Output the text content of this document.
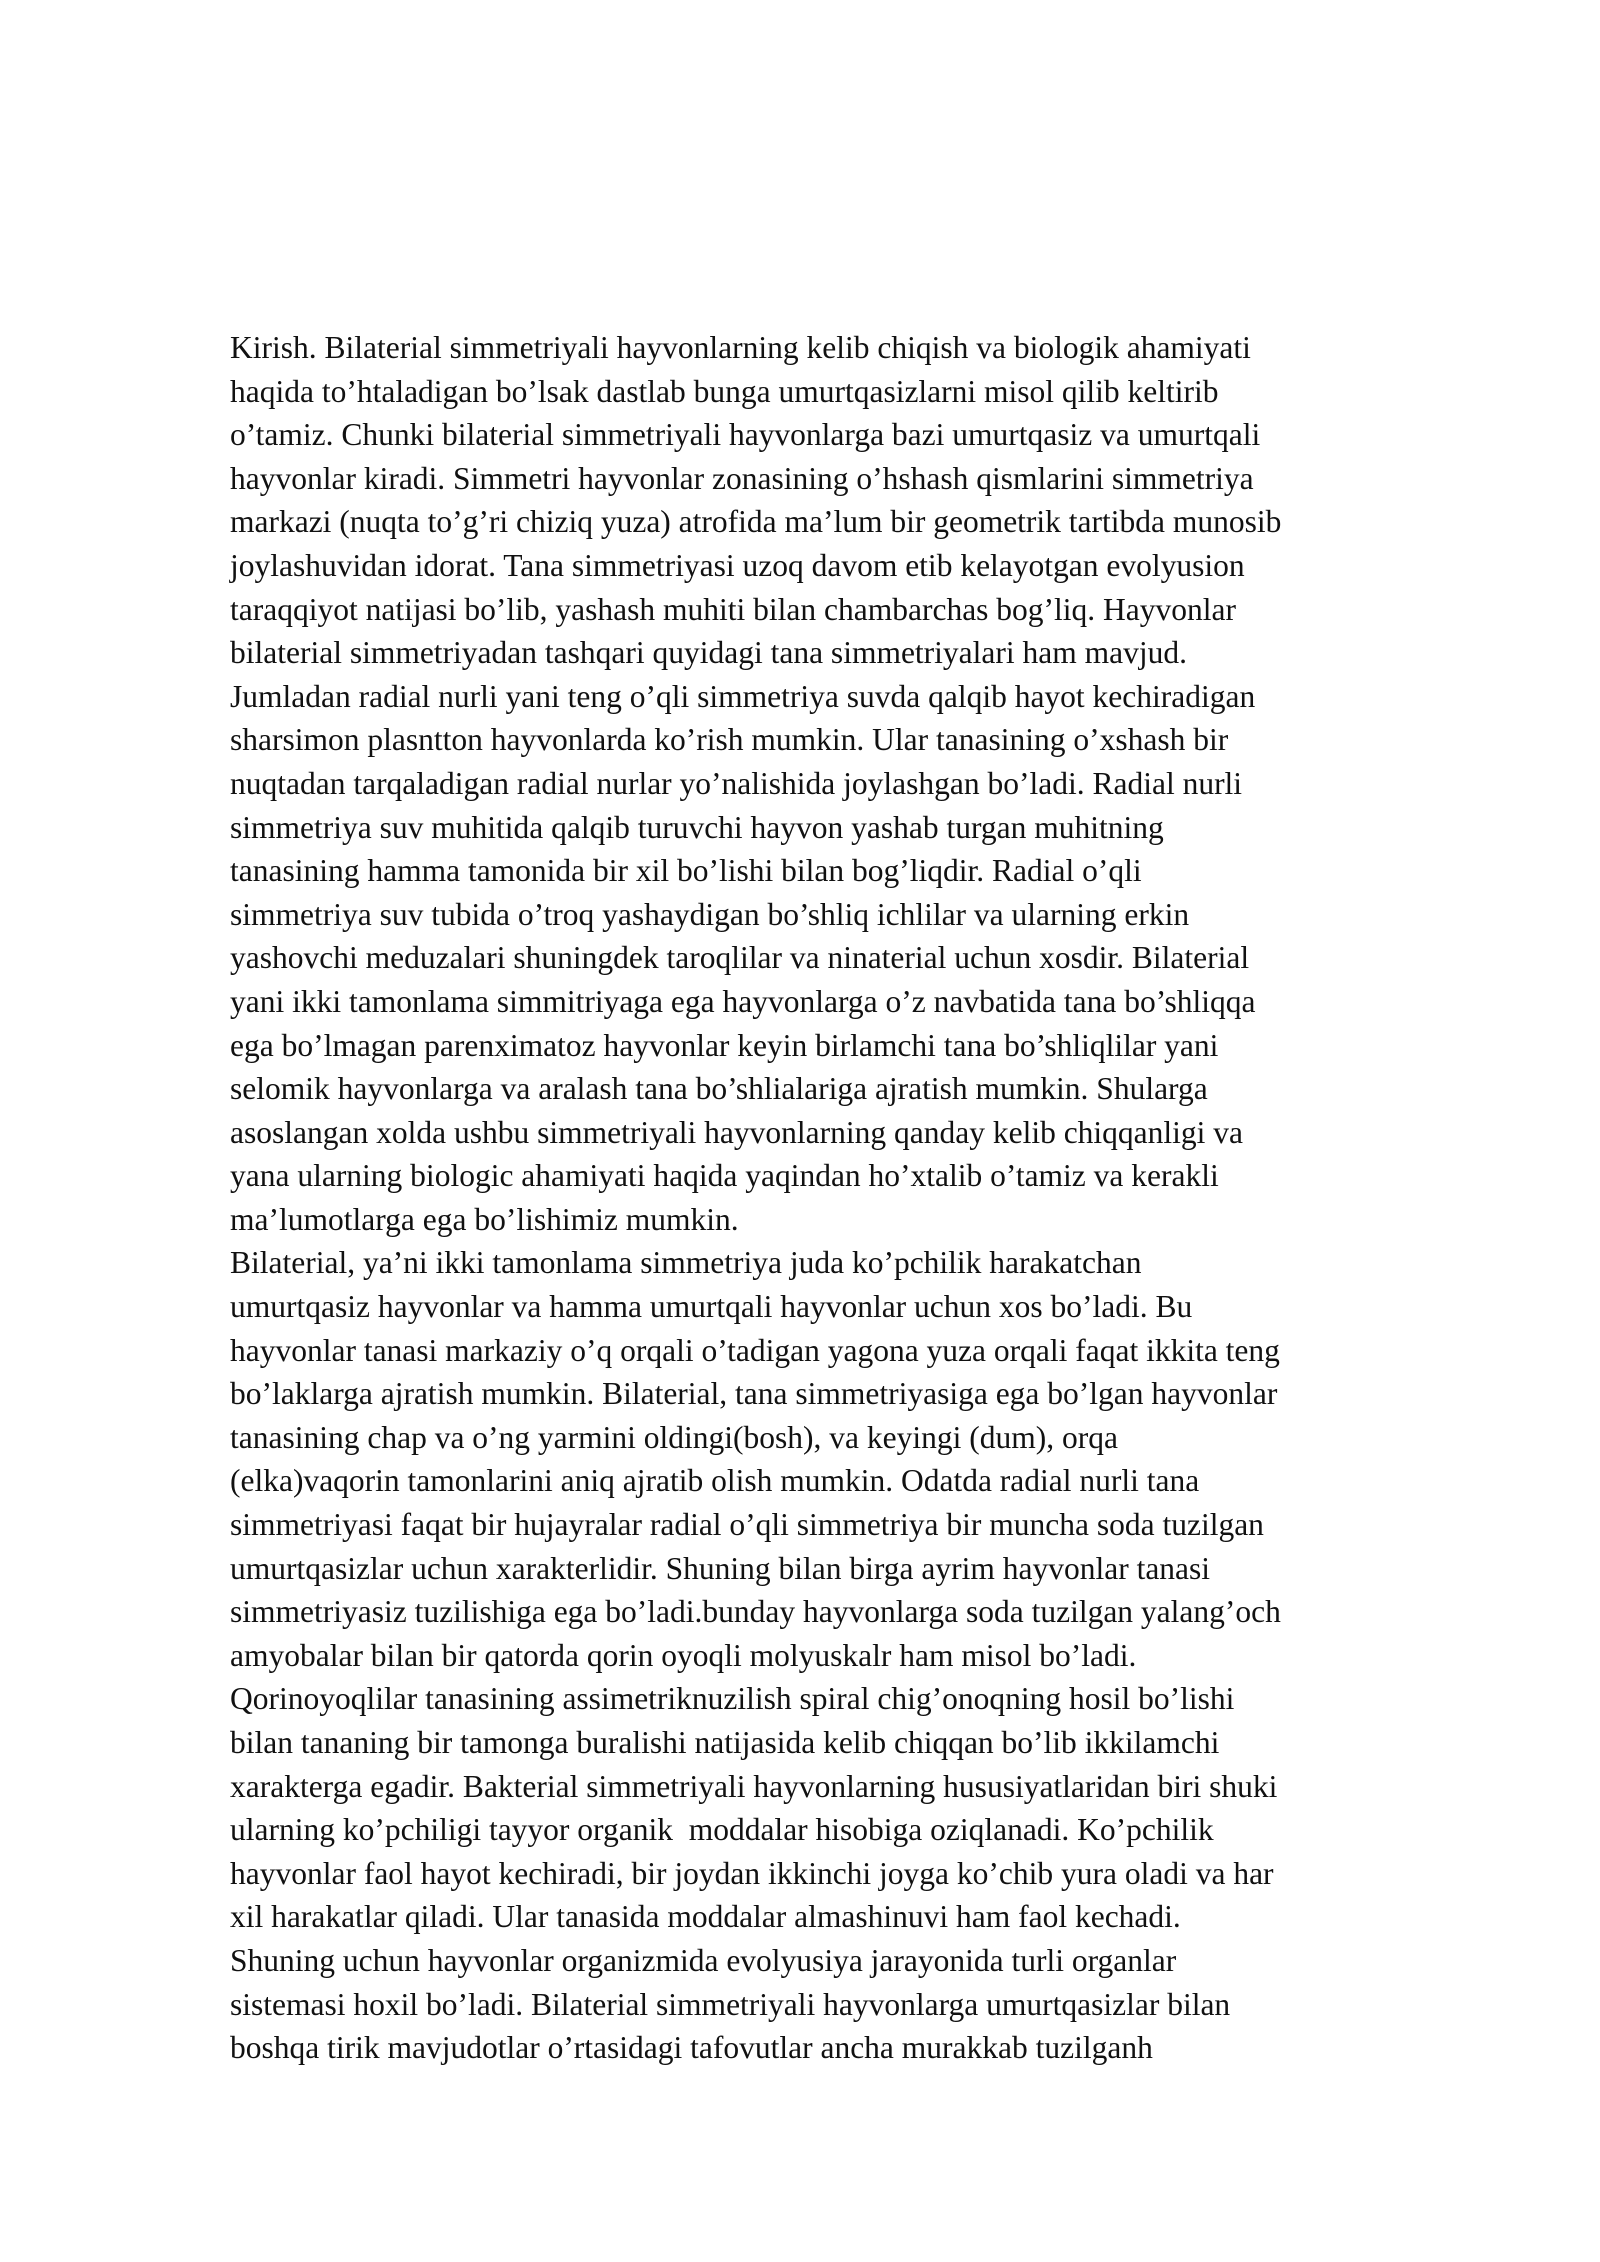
Kirish. Bilaterial simmetriyali hayvonlarning kelib chiqish va biologik ahamiyati
haqida to’htaladigan bo’lsak dastlab bunga umurtqasizlarni misol qilib keltirib
o’tamiz. Chunki bilaterial simmetriyali hayvonlarga bazi umurtqasiz va umurtqali
hayvonlar kiradi. Simmetri hayvonlar zonasining o’hshash qismlarini simmetriya
markazi (nuqta to’g’ri chiziq yuza) atrofida ma’lum bir geometrik tartibda munosib
joylashuvidan idorat. Tana simmetriyasi uzoq davom etib kelayotgan evolyusion
taraqqiyot natijasi bo’lib, yashash muhiti bilan chambarchas bog’liq. Hayvonlar
bilaterial simmetriyadan tashqari quyidagi tana simmetriyalari ham mavjud.
Jumladan radial nurli yani teng o’qli simmetriya suvda qalqib hayot kechiradigan
sharsimon plasntton hayvonlarda ko’rish mumkin. Ular tanasining o’xshash bir
nuqtadan tarqaladigan radial nurlar yo’nalishida joylashgan bo’ladi. Radial nurli
simmetriya suv muhitida qalqib turuvchi hayvon yashab turgan muhitning
tanasining hamma tamonida bir xil bo’lishi bilan bog’liqdir. Radial o’qli
simmetriya suv tubida o’troq yashaydigan bo’shliq ichlilar va ularning erkin
yashovchi meduzalari shuningdek taroqlilar va ninaterial uchun xosdir. Bilaterial
yani ikki tamonlama simmitriyaga ega hayvonlarga o’z navbatida tana bo’shliqqa
ega bo’lmagan parenximatoz hayvonlar keyin birlamchi tana bo’shliqlilar yani
selomik hayvonlarga va aralash tana bo’shlialariga ajratish mumkin. Shularga
asoslangan xolda ushbu simmetriyali hayvonlarning qanday kelib chiqqanligi va
yana ularning biologic ahamiyati haqida yaqindan ho’xtalib o’tamiz va kerakli
ma’lumotlarga ega bo’lishimiz mumkin.
Bilaterial, ya’ni ikki tamonlama simmetriya juda ko’pchilik harakatchan
umurtqasiz hayvonlar va hamma umurtqali hayvonlar uchun xos bo’ladi. Bu
hayvonlar tanasi markaziy o’q orqali o’tadigan yagona yuza orqali faqat ikkita teng
bo’laklarga ajratish mumkin. Bilaterial, tana simmetriyasiga ega bo’lgan hayvonlar
tanasining chap va o’ng yarmini oldingi(bosh), va keyingi (dum), orqa
(elka)vaqorin tamonlarini aniq ajratib olish mumkin. Odatda radial nurli tana
simmetriyasi faqat bir hujayralar radial o’qli simmetriya bir muncha soda tuzilgan
umurtqasizlar uchun xarakterlidir. Shuning bilan birga ayrim hayvonlar tanasi
simmetriyasiz tuzilishiga ega bo’ladi.bunday hayvonlarga soda tuzilgan yalang’och
amyobalar bilan bir qatorda qorin oyoqli molyuskalr ham misol bo’ladi.
Qorinoyoqlilar tanasining assimetriknuzilish spiral chig’onoqning hosil bo’lishi
bilan tananing bir tamonga buralishi natijasida kelib chiqqan bo’lib ikkilamchi
xarakterga egadir. Bakterial simmetriyali hayvonlarning hususiyatlaridan biri shuki
ularning ko’pchiligi tayyor organik  moddalar hisobiga oziqlanadi. Ko’pchilik
hayvonlar faol hayot kechiradi, bir joydan ikkinchi joyga ko’chib yura oladi va har
xil harakatlar qiladi. Ular tanasida moddalar almashinuvi ham faol kechadi.
Shuning uchun hayvonlar organizmida evolyusiya jarayonida turli organlar
sistemasi hoxil bo’ladi. Bilaterial simmetriyali hayvonlarga umurtqasizlar bilan
boshqa tirik mavjudotlar o’rtasidagi tafovutlar ancha murakkab tuzilganh
